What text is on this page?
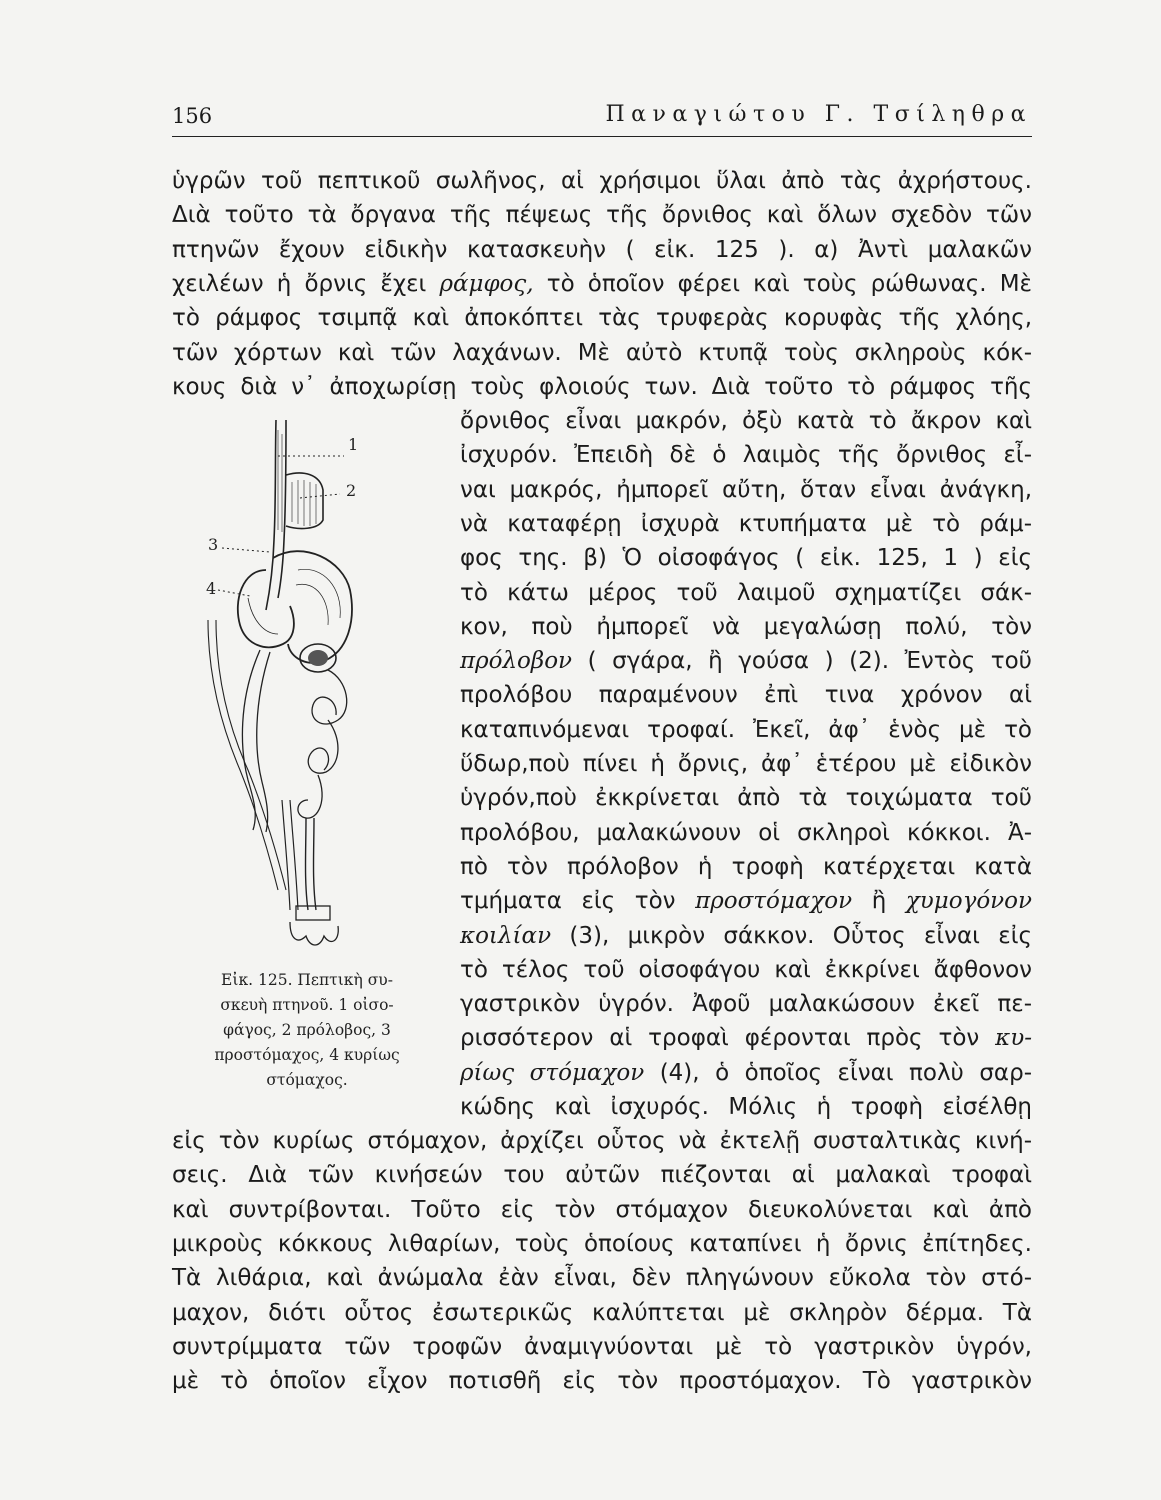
156	Παναγιώτου Γ. Τσίληθρα
ὑγρῶν τοῦ πεπτικοῦ σωλῆνος, αἱ χρήσιμοι ὕλαι ἀπὸ τὰς ἀχρήστους.
Διὰ τοῦτο τὰ ὄργανα τῆς πέψεως τῆς ὄρνιθος καὶ ὅλων σχεδὸν τῶν
πτηνῶν ἔχουν εἰδικὴν κατασκευὴν ( εἰκ. 125 ). α) Ἀντὶ μαλακῶν
χειλέων ἡ ὄρνις ἔχει ράμφος, τὸ ὁποῖον φέρει καὶ τοὺς ρώθωνας. Μὲ
τὸ ράμφος τσιμπᾷ καὶ ἀποκόπτει τὰς τρυφερὰς κορυφὰς τῆς χλόης,
τῶν χόρτων καὶ τῶν λαχάνων. Μὲ αὐτὸ κτυπᾷ τοὺς σκληροὺς κόκ-
κους διὰ ν᾽ ἀποχωρίσῃ τοὺς φλοιούς των. Διὰ τοῦτο τὸ ράμφος τῆς
ὄρνιθος εἶναι μακρόν, ὀξὺ κατὰ τὸ ἄκρον καὶ
ἰσχυρόν. Ἐπειδὴ δὲ ὁ λαιμὸς τῆς ὄρνιθος εἶ-
ναι μακρός, ἠμπορεῖ αὔτη, ὅταν εἶναι ἀνάγκη,
νὰ καταφέρῃ ἰσχυρὰ κτυπήματα μὲ τὸ ράμ-
φος της. β) Ὁ οἰσοφάγος ( εἰκ. 125, 1 ) εἰς
τὸ κάτω μέρος τοῦ λαιμοῦ σχηματίζει σάκ-
κον, ποὺ ἠμπορεῖ νὰ μεγαλώσῃ πολύ, τὸν
πρόλοβον ( σγάρα, ἢ γούσα ) (2). Ἐντὸς τοῦ
προλόβου παραμένουν ἐπὶ τινα χρόνον αἱ
καταπινόμεναι τροφαί. Ἐκεῖ, ἀφ᾽ ἑνὸς μὲ τὸ
ὕδωρ,ποὺ πίνει ἡ ὄρνις, ἀφ᾽ ἑτέρου μὲ εἰδικὸν
ὑγρόν,ποὺ ἐκκρίνεται ἀπὸ τὰ τοιχώματα τοῦ
προλόβου, μαλακώνουν οἱ σκληροὶ κόκκοι. Ἀ-
πὸ τὸν πρόλοβον ἡ τροφὴ κατέρχεται κατὰ
τμήματα εἰς τὸν προστόμαχον ἢ χυμογόνον
κοιλίαν (3), μικρὸν σάκκον. Οὗτος εἶναι εἰς
τὸ τέλος τοῦ οἰσοφάγου καὶ ἐκκρίνει ἄφθονον
γαστρικὸν ὑγρόν. Ἀφοῦ μαλακώσουν ἐκεῖ πε-
ρισσότερον αἱ τροφαὶ φέρονται πρὸς τὸν κυ-
ρίως στόμαχον (4), ὁ ὁποῖος εἶναι πολὺ σαρ-
κώδης καὶ ἰσχυρός. Μόλις ἡ τροφὴ εἰσέλθῃ
εἰς τὸν κυρίως στόμαχον, ἀρχίζει οὗτος νὰ ἐκτελῇ συσταλτικὰς κινή-
σεις. Διὰ τῶν κινήσεών του αὐτῶν πιέζονται αἱ μαλακαὶ τροφαὶ
καὶ συντρίβονται. Τοῦτο εἰς τὸν στόμαχον διευκολύνεται καὶ ἀπὸ
μικροὺς κόκκους λιθαρίων, τοὺς ὁποίους καταπίνει ἡ ὄρνις ἐπίτηδες.
Τὰ λιθάρια, καὶ ἀνώμαλα ἐὰν εἶναι, δὲν πληγώνουν εὔκολα τὸν στό-
μαχον, διότι οὗτος ἐσωτερικῶς καλύπτεται μὲ σκληρὸν δέρμα. Τὰ
συντρίμματα τῶν τροφῶν ἀναμιγνύονται μὲ τὸ γαστρικὸν ὑγρόν,
μὲ τὸ ὁποῖον εἶχον ποτισθῆ εἰς τὸν προστόμαχον. Τὸ γαστρικὸν
1
2
3
4
Εἰκ. 125. Πεπτικὴ συ-
σκευὴ πτηνοῦ. 1 οἰσο-
φάγος, 2 πρόλοβος, 3
προστόμαχος, 4 κυρίως
στόμαχος.
